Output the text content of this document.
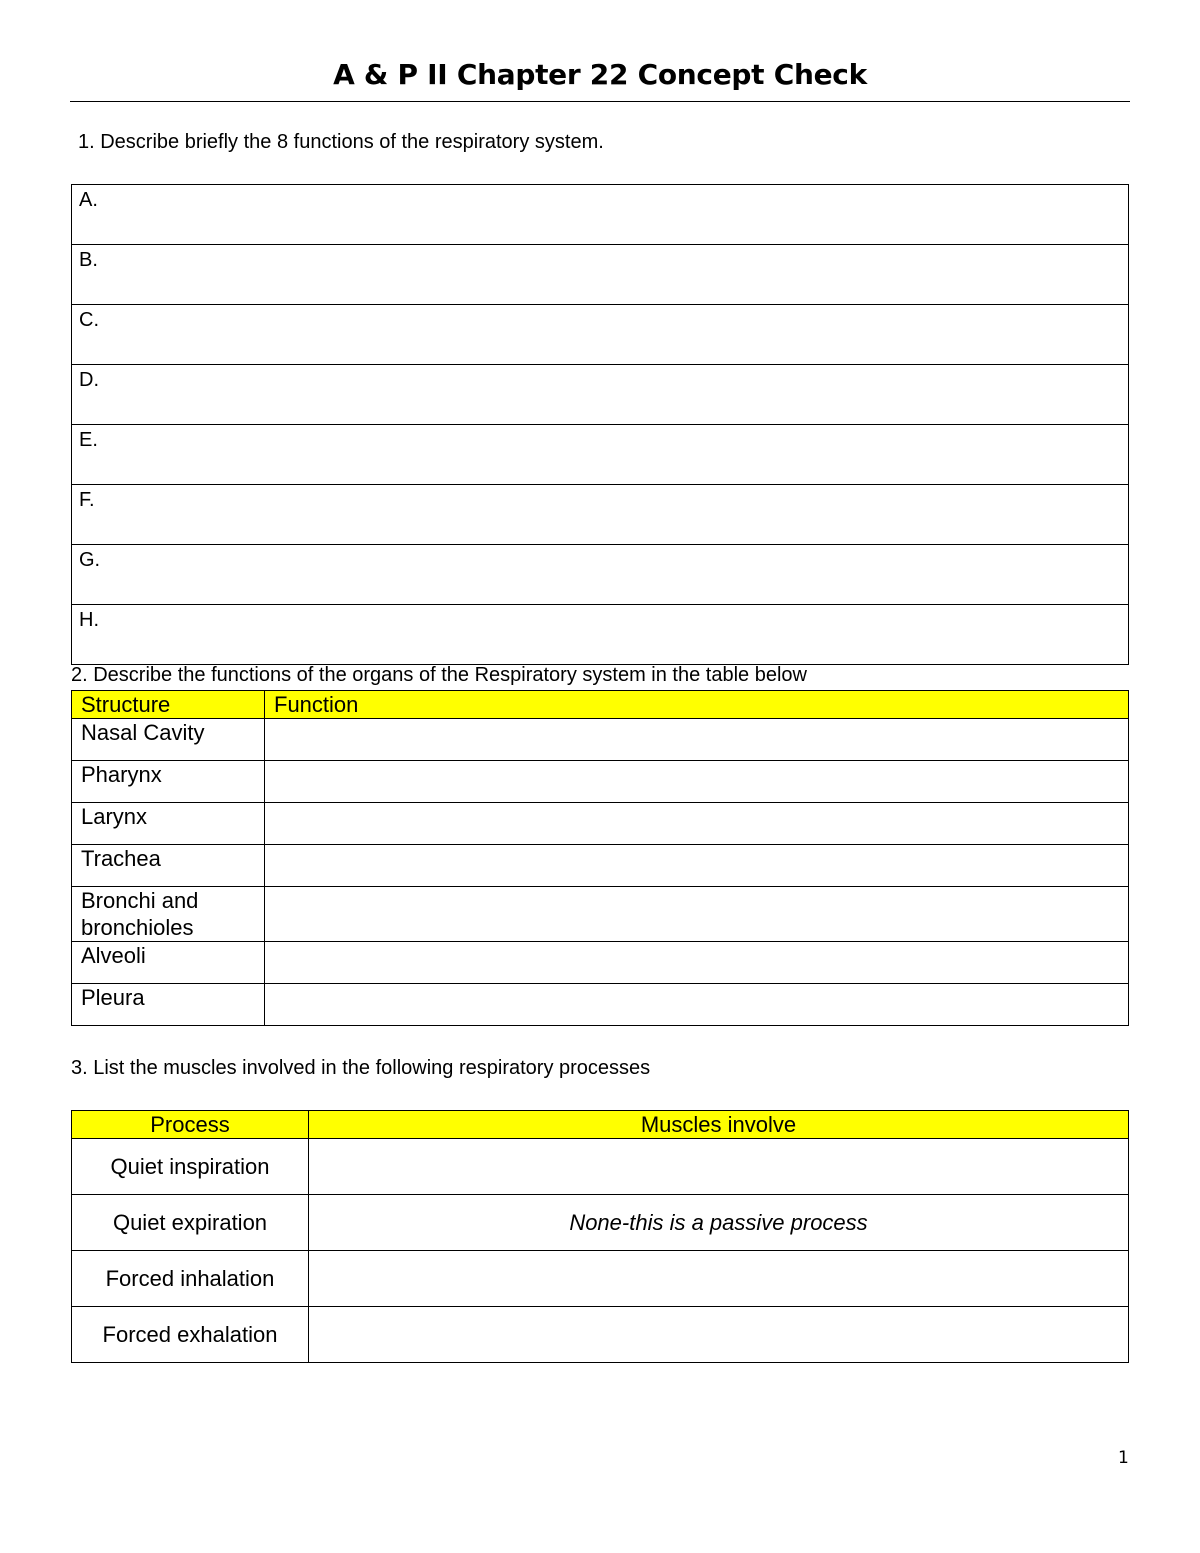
A & P II Chapter 22 Concept Check
1. Describe briefly the 8 functions of the respiratory system.
A.
B.
C.
D.
E.
F.
G.
H.
2. Describe the functions of the organs of the Respiratory system in the table below
Structure	Function
Nasal Cavity	
Pharynx	
Larynx	
Trachea	
Bronchi and bronchioles	
Alveoli	
Pleura	
3. List the muscles involved in the following respiratory processes
Process	Muscles involve
Quiet inspiration	
Quiet expiration	None-this is a passive process
Forced inhalation	
Forced exhalation	
1
